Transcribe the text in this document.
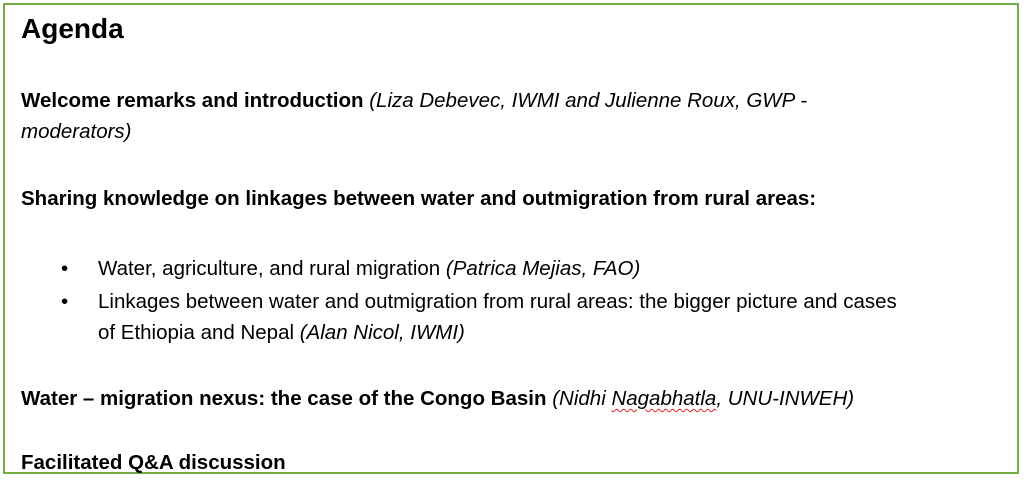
Agenda
Welcome remarks and introduction (Liza Debevec, IWMI and Julienne Roux, GWP -
moderators)
Sharing knowledge on linkages between water and outmigration from rural areas:
•	Water, agriculture, and rural migration (Patrica Mejias, FAO)
•	Linkages between water and outmigration from rural areas: the bigger picture and cases
of Ethiopia and Nepal (Alan Nicol, IWMI)
Water – migration nexus: the case of the Congo Basin (Nidhi Nagabhatla, UNU-INWEH)
Facilitated Q&A discussion
